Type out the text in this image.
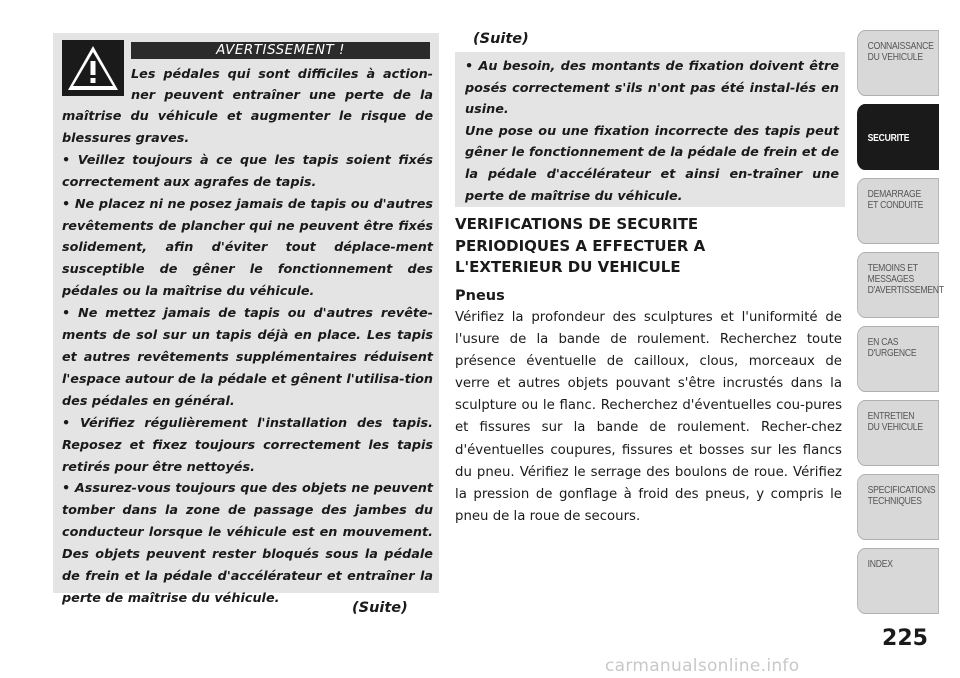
AVERTISSEMENT !

Les pédales qui sont difficiles à action-

ner peuvent entraîner une perte de la

maîtrise du véhicule et augmenter le risque de blessures graves.

• Veillez toujours à ce que les tapis soient fixés correctement aux agrafes de tapis.

• Ne placez ni ne posez jamais de tapis ou d'autres revêtements de plancher qui ne peuvent être fixés solidement, afin d'éviter tout déplace-ment susceptible de gêner le fonctionnement des pédales ou la maîtrise du véhicule.

• Ne mettez jamais de tapis ou d'autres revête-ments de sol sur un tapis déjà en place. Les tapis et autres revêtements supplémentaires réduisent l'espace autour de la pédale et gênent l'utilisa-tion des pédales en général.

• Vérifiez régulièrement l'installation des tapis. Reposez et fixez toujours correctement les tapis retirés pour être nettoyés.

• Assurez-vous toujours que des objets ne peuvent tomber dans la zone de passage des jambes du conducteur lorsque le véhicule est en mouvement. Des objets peuvent rester bloqués sous la pédale de frein et la pédale d'accélérateur et entraîner la perte de maîtrise du véhicule.

(Suite)
(Suite)

• Au besoin, des montants de fixation doivent être posés correctement s'ils n'ont pas été instal-lés en usine.

Une pose ou une fixation incorrecte des tapis peut gêner le fonctionnement de la pédale de frein et de la pédale d'accélérateur et ainsi en-traîner une perte de maîtrise du véhicule.

VERIFICATIONS DE SECURITE
PERIODIQUES A EFFECTUER A
L'EXTERIEUR DU VEHICULE
Pneus
Vérifiez la profondeur des sculptures et l'uniformité de l'usure de la bande de roulement. Recherchez toute présence éventuelle de cailloux, clous, morceaux de verre et autres objets pouvant s'être incrustés dans la sculpture ou le flanc. Recherchez d'éventuelles cou-pures et fissures sur la bande de roulement. Recher-chez d'éventuelles coupures, fissures et bosses sur les flancs du pneu. Vérifiez le serrage des boulons de roue. Vérifiez la pression de gonflage à froid des pneus, y compris le pneu de la roue de secours.
CONNAISSANCE
DU VEHICULE
SECURITE
DEMARRAGE
ET CONDUITE
TEMOINS ET
MESSAGES
D'AVERTISSEMENT
EN CAS
D'URGENCE
ENTRETIEN
DU VEHICULE
SPECIFICATIONS
TECHNIQUES
INDEX
225
carmanualsonline.info
